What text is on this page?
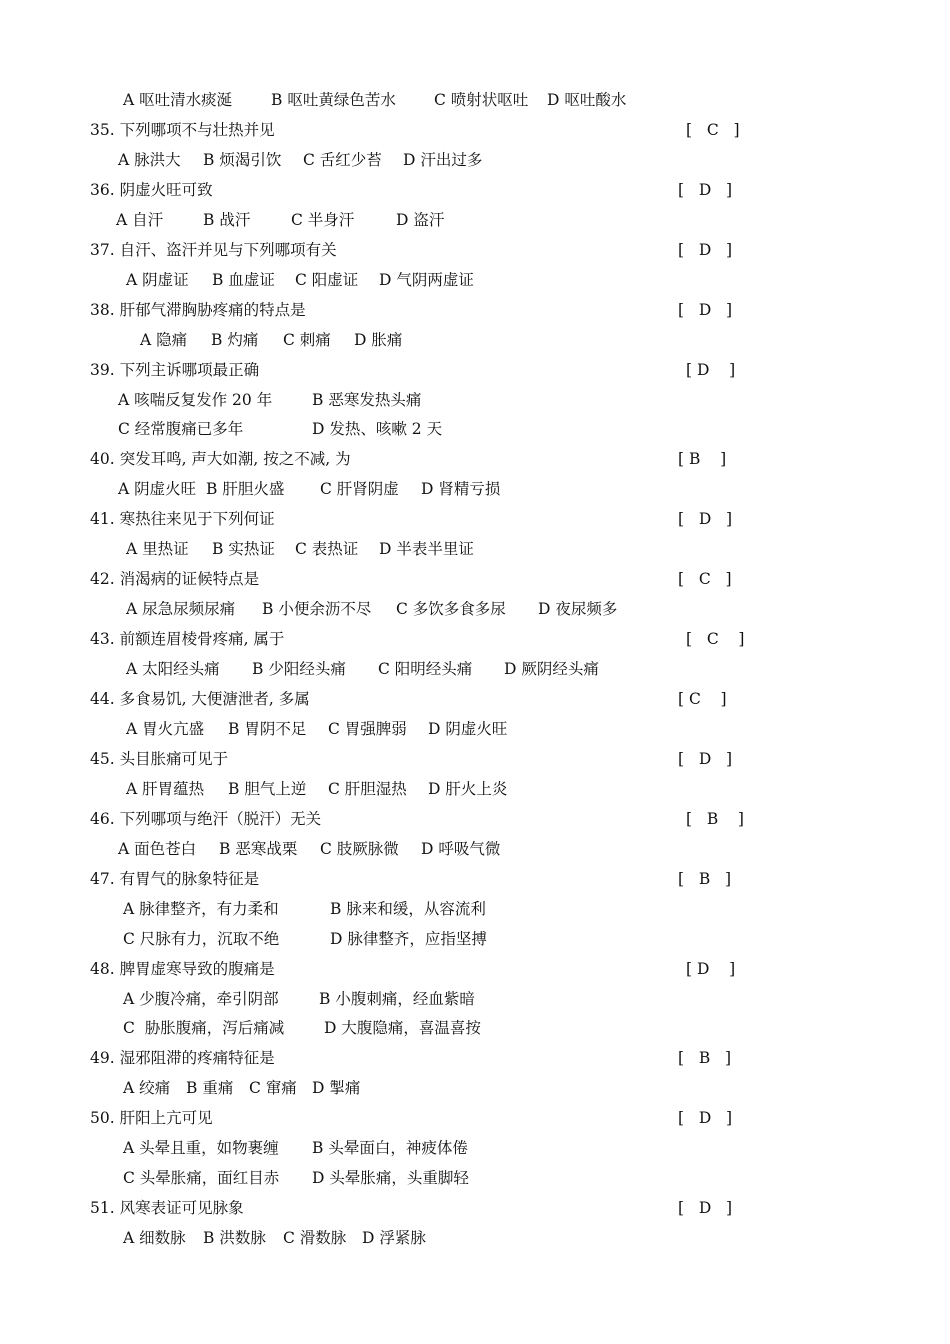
A 呕吐清水痰涎	B 呕吐黄绿色苦水 C 喷射状呕吐 D 呕吐酸水
35. 下列哪项不与壮热并见	[   C   ]
A 脉洪大 B 烦渴引饮 C 舌红少苔 D 汗出过多
36. 阴虚火旺可致	[   D   ]
A 自汗	B 战汗	C 半身汗	D 盗汗
37. 自汗、盗汗并见与下列哪项有关	[   D   ]
A 阴虚证 B 血虚证 C 阳虚证 D 气阴两虚证
38. 肝郁气滞胸胁疼痛的特点是	[   D   ]
A 隐痛 B 灼痛 C 刺痛 D 胀痛
39. 下列主诉哪项最正确	[ D    ]
A 咳喘反复发作 20 年	B 恶寒发热头痛
C 经常腹痛已多年	D 发热、咳嗽 2 天
40. 突发耳鸣, 声大如潮, 按之不减, 为	[ B    ]
A 阴虚火旺 B 肝胆火盛 C 肝肾阴虚 D 肾精亏损
41. 寒热往来见于下列何证	[   D   ]
A 里热证 B 实热证 C 表热证 D 半表半里证
42. 消渴病的证候特点是	[   C   ]
A 尿急尿频尿痛 B 小便余沥不尽 C 多饮多食多尿 D 夜尿频多
43. 前额连眉棱骨疼痛, 属于	[   C    ]
A 太阳经头痛 B 少阳经头痛 C 阳明经头痛 D 厥阴经头痛
44. 多食易饥, 大便溏泄者, 多属	[ C    ]
A 胃火亢盛 B 胃阴不足 C 胃强脾弱 D 阴虚火旺
45. 头目胀痛可见于	[   D   ]
A 肝胃蕴热 B 胆气上逆 C 肝胆湿热 D 肝火上炎
46. 下列哪项与绝汗（脱汗）无关	[   B    ]
A 面色苍白 B 恶寒战栗 C 肢厥脉微 D 呼吸气微
47. 有胃气的脉象特征是	[   B   ]
A 脉律整齐，有力柔和	B 脉来和缓，从容流利
C 尺脉有力，沉取不绝	D 脉律整齐，应指坚搏
48. 脾胃虚寒导致的腹痛是	[ D    ]
A 少腹冷痛，牵引阴部	B 小腹刺痛，经血紫暗
C  胁胀腹痛，泻后痛减	D 大腹隐痛，喜温喜按
49. 湿邪阻滞的疼痛特征是	[   B   ]
A 绞痛 B 重痛 C 窜痛 D 掣痛
50. 肝阳上亢可见	[   D   ]
A 头晕且重，如物裹缠 B 头晕面白，神疲体倦
C 头晕胀痛，面红目赤 D 头晕胀痛，头重脚轻
51. 风寒表证可见脉象	[   D   ]
A 细数脉 B 洪数脉 C 滑数脉 D 浮紧脉
